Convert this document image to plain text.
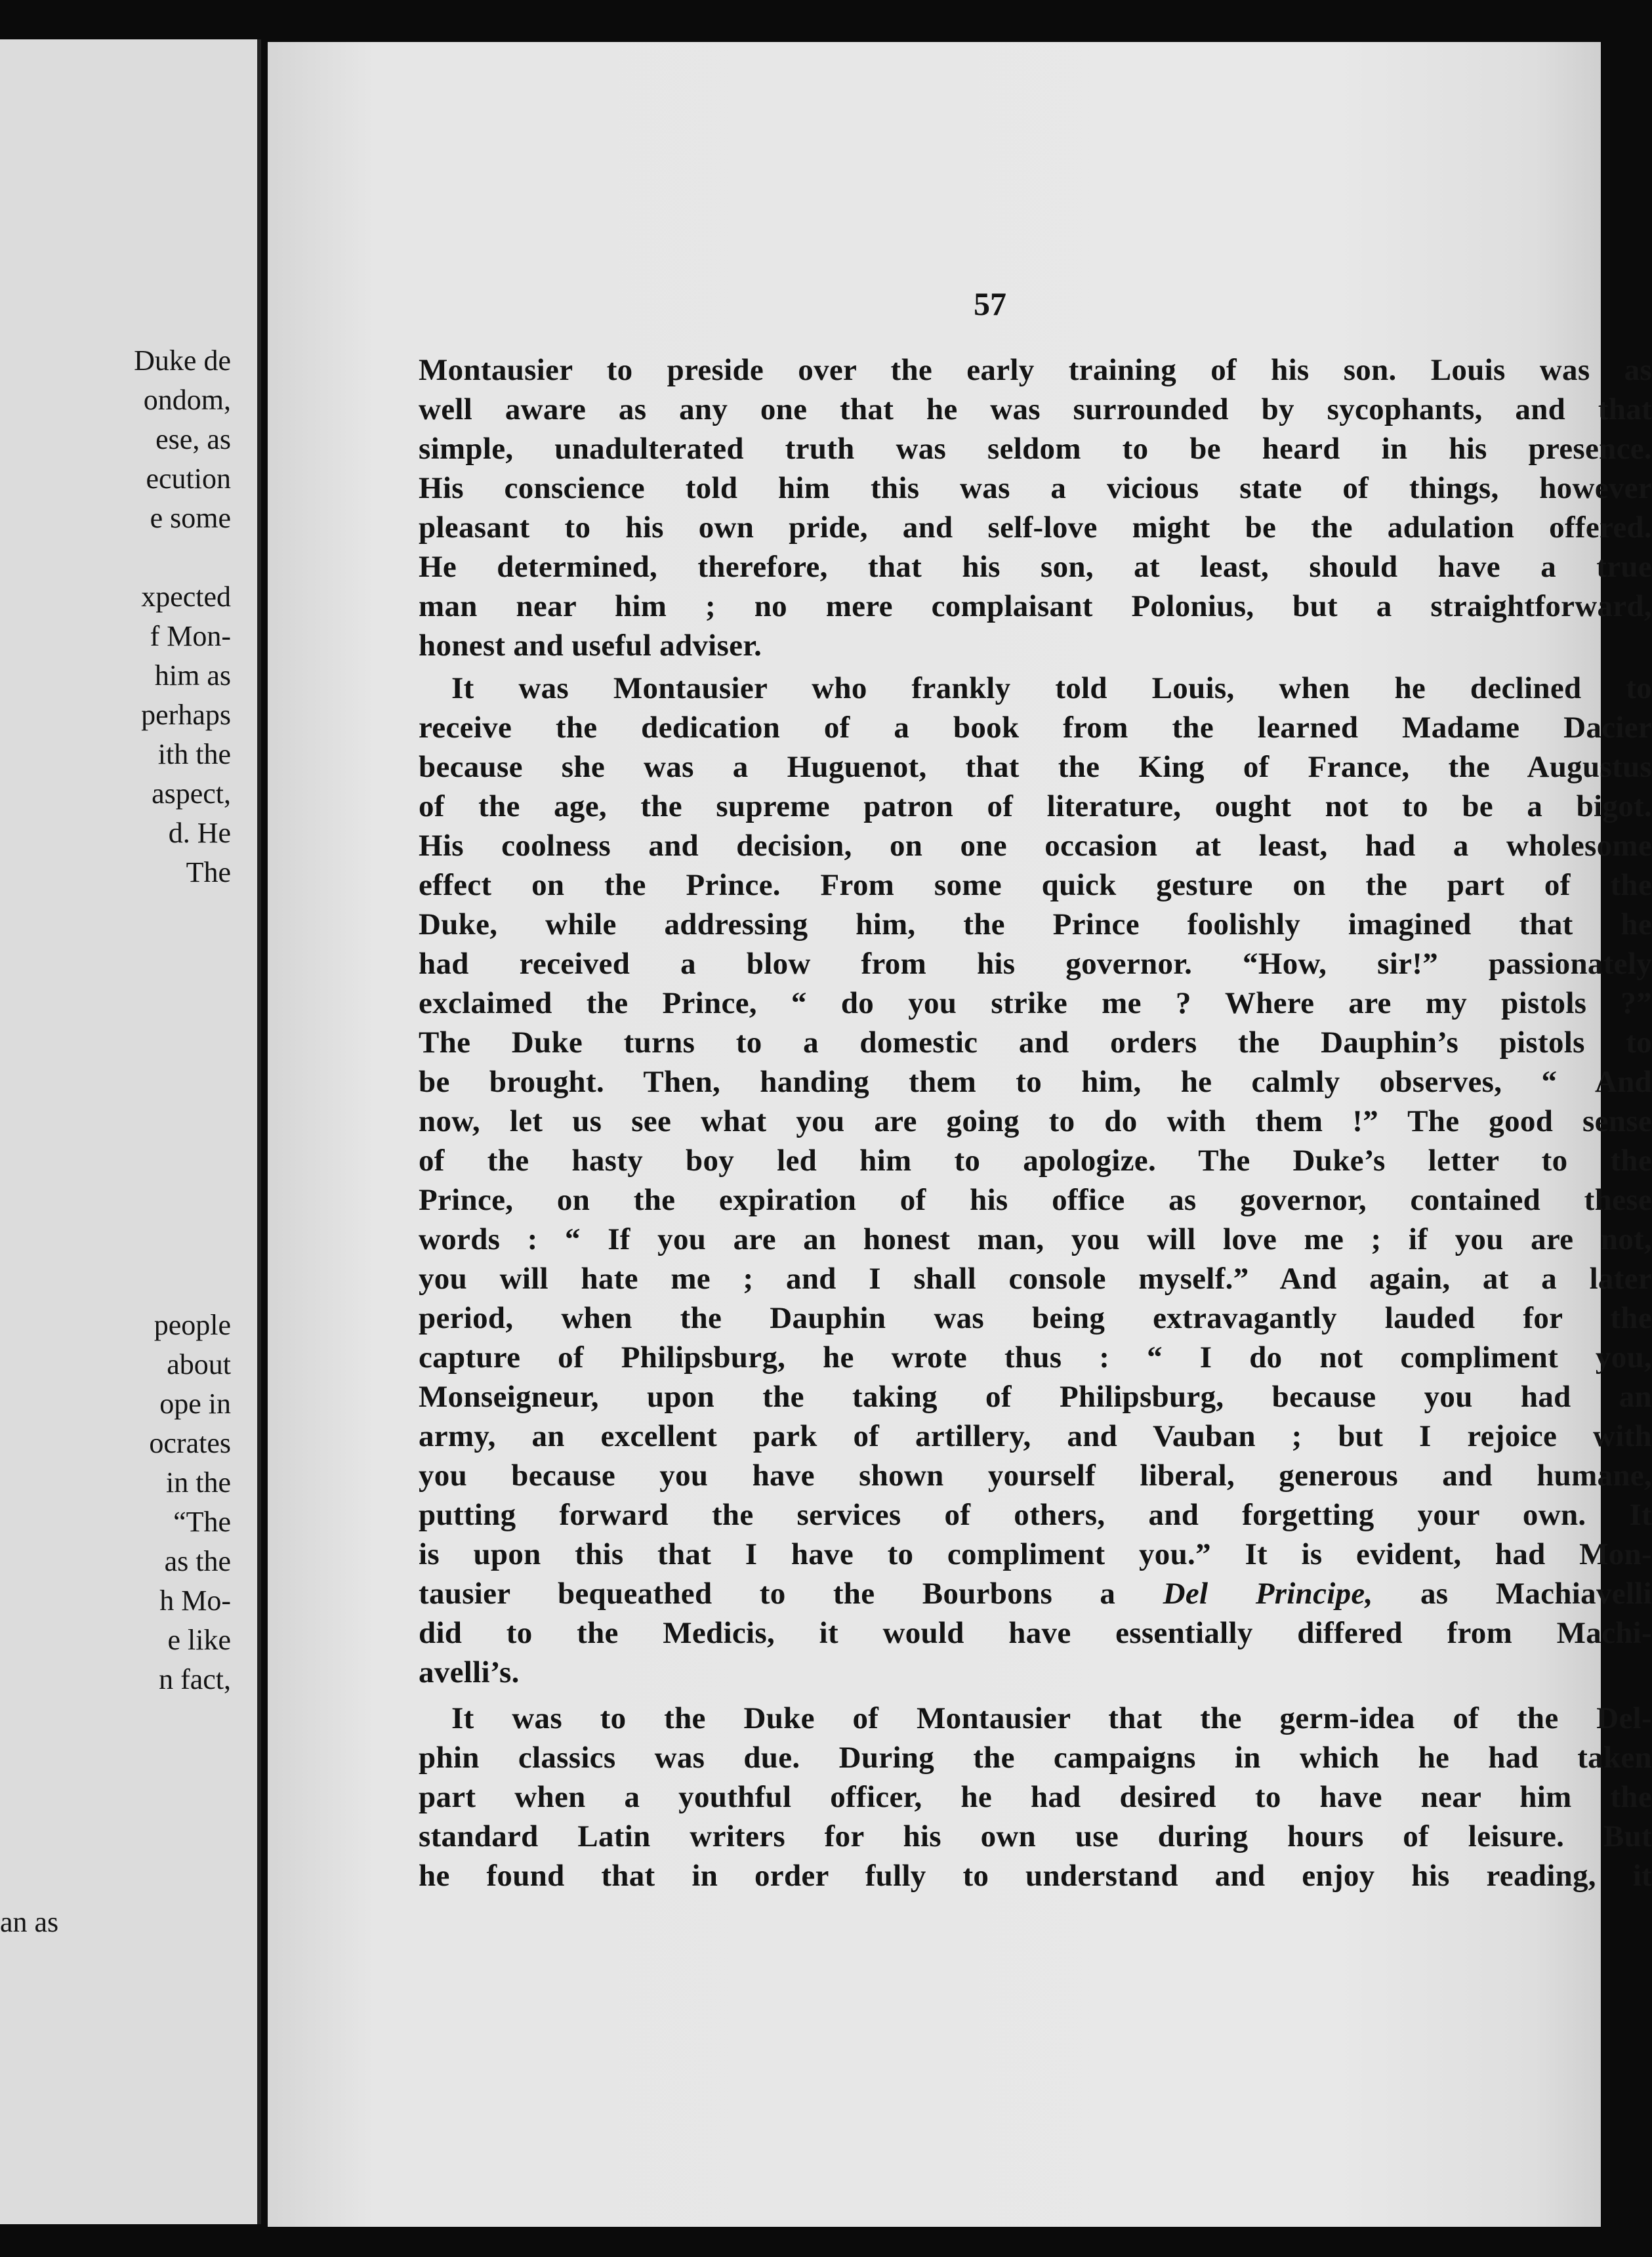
Duke de
ondom,
ese, as
ecution
e some
xpected
f Mon-
him as
perhaps
ith the
aspect,
d. He
The
people
about
ope in
ocrates
in the
“The
as the
h Mo-
e like
n fact,
an as
57
Montausier to preside over the early training of his son. Louis was as
well aware as any one that he was surrounded by sycophants, and that
simple, unadulterated truth was seldom to be heard in his presence.
His conscience told him this was a vicious state of things, however
pleasant to his own pride, and self-love might be the adulation offered.
He determined, therefore, that his son, at least, should have a true
man near him ; no mere complaisant Polonius, but a straightforward,
honest and useful adviser.
It was Montausier who frankly told Louis, when he declined to
receive the dedication of a book from the learned Madame Dacier
because she was a Huguenot, that the King of France, the Augustus
of the age, the supreme patron of literature, ought not to be a bigot.
His coolness and decision, on one occasion at least, had a wholesome
effect on the Prince. From some quick gesture on the part of the
Duke, while addressing him, the Prince foolishly imagined that he
had received a blow from his governor. “How, sir!” passionately
exclaimed the Prince, “ do you strike me ? Where are my pistols ?”
The Duke turns to a domestic and orders the Dauphin’s pistols to
be brought. Then, handing them to him, he calmly observes, “ And
now, let us see what you are going to do with them !” The good sense
of the hasty boy led him to apologize. The Duke’s letter to the
Prince, on the expiration of his office as governor, contained these
words : “ If you are an honest man, you will love me ; if you are not,
you will hate me ; and I shall console myself.” And again, at a later
period, when the Dauphin was being extravagantly lauded for the
capture of Philipsburg, he wrote thus : “ I do not compliment you,
Monseigneur, upon the taking of Philipsburg, because you had an
army, an excellent park of artillery, and Vauban ; but I rejoice with
you because you have shown yourself liberal, generous and humane,
putting forward the services of others, and forgetting your own. It
is upon this that I have to compliment you.” It is evident, had Mon-
tausier bequeathed to the Bourbons a Del Principe, as Machiavelli
did to the Medicis, it would have essentially differed from Machi-
avelli’s.
It was to the Duke of Montausier that the germ-idea of the Del-
phin classics was due. During the campaigns in which he had taken
part when a youthful officer, he had desired to have near him the
standard Latin writers for his own use during hours of leisure. But
he found that in order fully to understand and enjoy his reading, it
